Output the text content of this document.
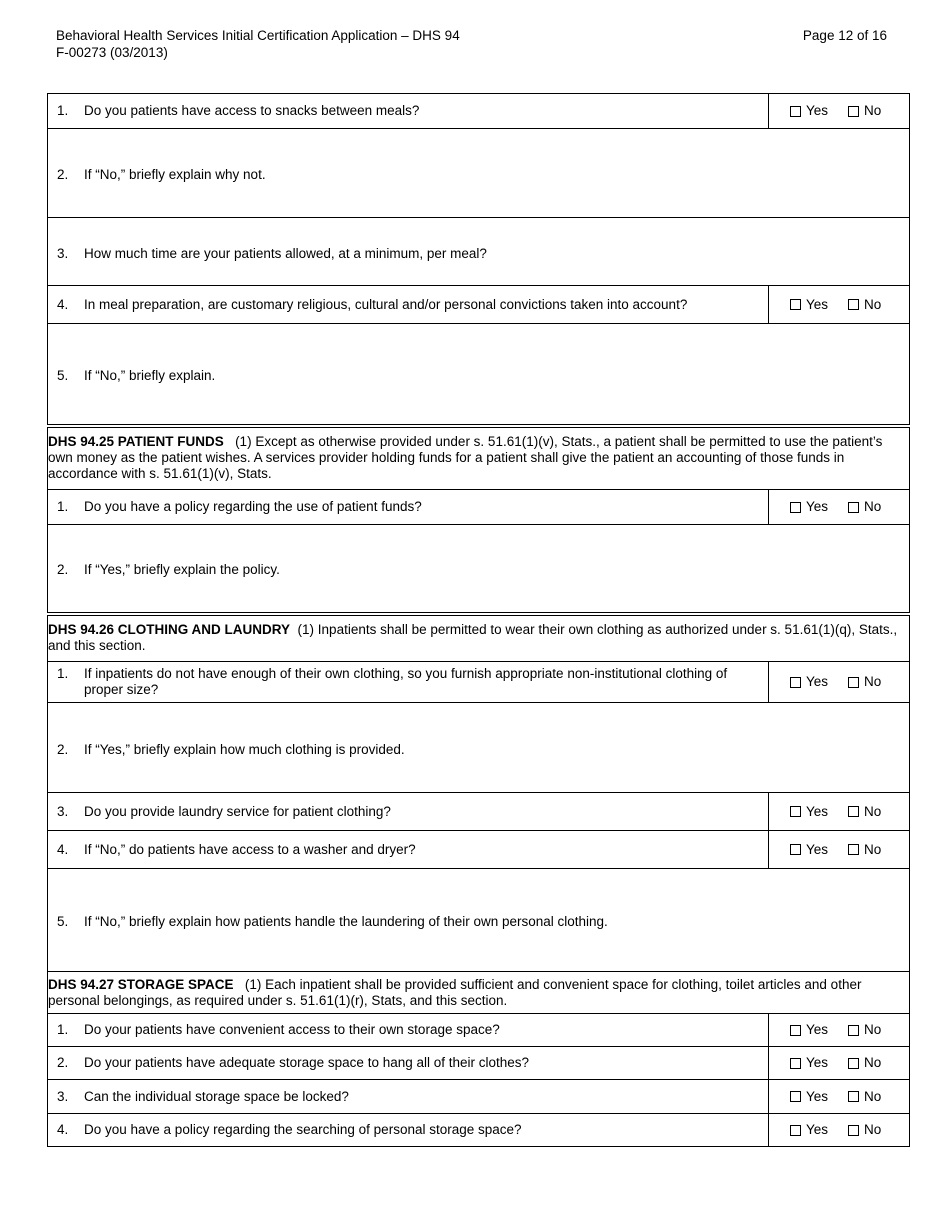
Behavioral Health Services Initial Certification Application – DHS 94
F-00273 (03/2013)
Page 12 of 16
1. Do you patients have access to snacks between meals?	Yes No

2. If “No,” briefly explain why not.	

3. How much time are your patients allowed, at a minimum, per meal?	

4. In meal preparation, are customary religious, cultural and/or personal convictions taken into account?	Yes No

5. If “No,” briefly explain.	

DHS 94.25 PATIENT FUNDS (1) Except as otherwise provided under s. 51.61(1)(v), Stats., a patient shall be permitted to use the patient’s own money as the patient wishes. A services provider holding funds for a patient shall give the patient an accounting of those funds in accordance with s. 51.61(1)(v), Stats.	

1. Do you have a policy regarding the use of patient funds?	Yes No

2. If “Yes,” briefly explain the policy.	

DHS 94.26 CLOTHING AND LAUNDRY (1) Inpatients shall be permitted to wear their own clothing as authorized under s. 51.61(1)(q), Stats., and this section.	

1. If inpatients do not have enough of their own clothing, so you furnish appropriate non-institutional clothing of proper size?	Yes No

2. If “Yes,” briefly explain how much clothing is provided.	

3. Do you provide laundry service for patient clothing?	Yes No

4. If “No,” do patients have access to a washer and dryer?	Yes No

5. If “No,” briefly explain how patients handle the laundering of their own personal clothing.	

DHS 94.27 STORAGE SPACE (1) Each inpatient shall be provided sufficient and convenient space for clothing, toilet articles and other personal belongings, as required under s. 51.61(1)(r), Stats, and this section.	

1. Do your patients have convenient access to their own storage space?	Yes No

2. Do your patients have adequate storage space to hang all of their clothes?	Yes No

3. Can the individual storage space be locked?	Yes No

4. Do you have a policy regarding the searching of personal storage space?	Yes No
